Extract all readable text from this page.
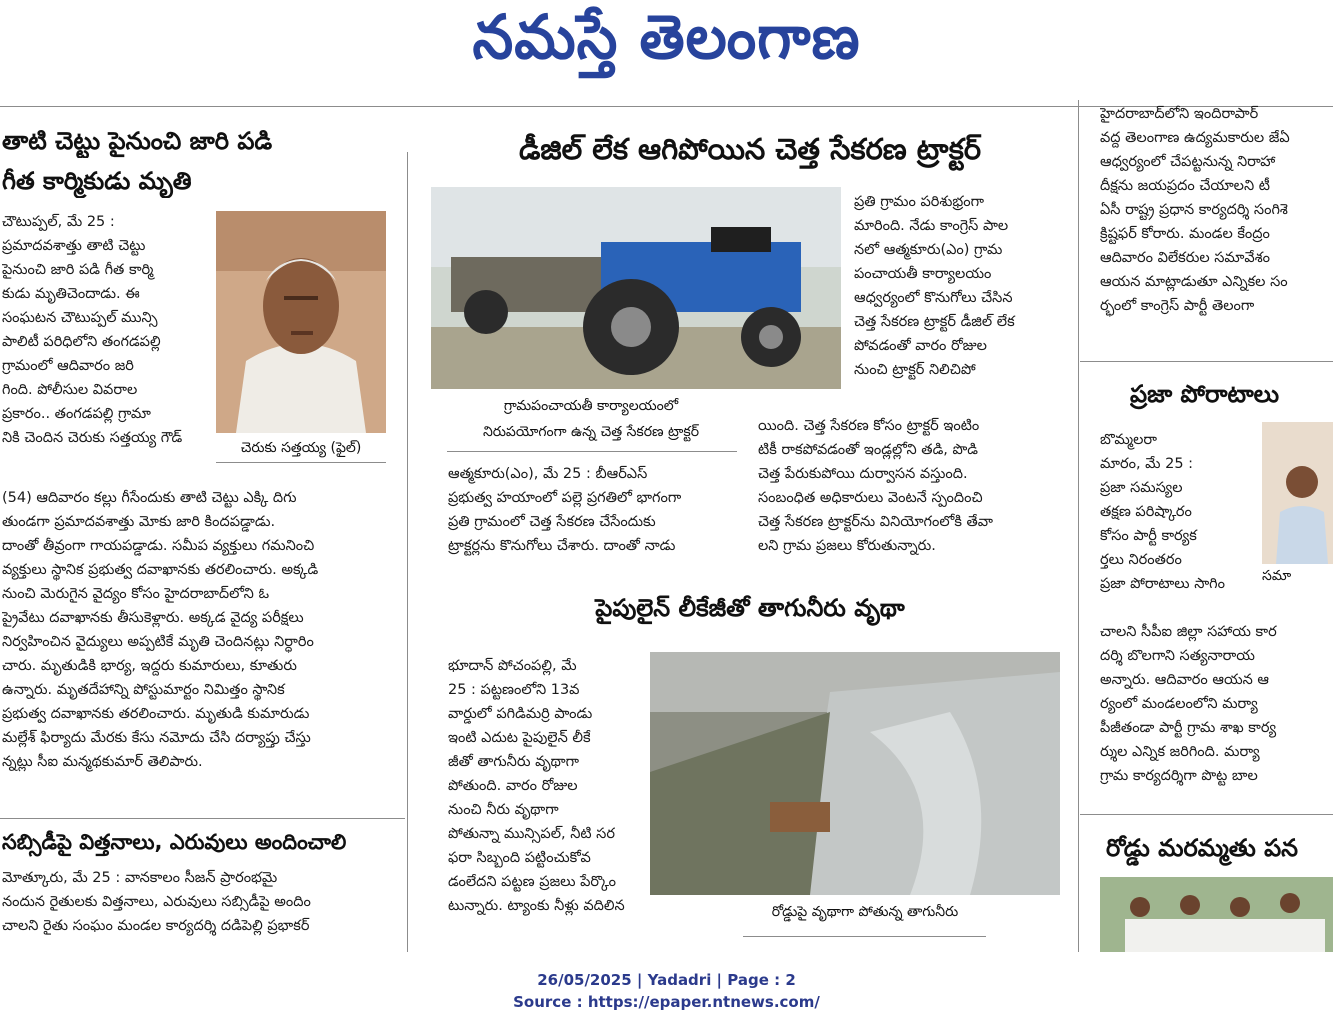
నమస్తే తెలంగాణ
తాటి చెట్టు పైనుంచి జారి పడి
గీత కార్మికుడు మృతి
చౌటుప్పల్, మే 25 :
ప్రమాదవశాత్తు తాటి చెట్టు
పైనుంచి జారి పడి గీత కార్మి
కుడు మృతిచెందాడు. ఈ
సంఘటన చౌటుప్పల్ మున్సి
పాలిటీ పరిధిలోని తంగడపల్లి
గ్రామంలో ఆదివారం జరి
గింది. పోలీసుల వివరాల
ప్రకారం.. తంగడపల్లి గ్రామా
నికి చెందిన చెరుకు సత్తయ్య గౌడ్
చెరుకు సత్తయ్య (ఫైల్)
(54) ఆదివారం కల్లు గీసేందుకు తాటి చెట్టు ఎక్కి దిగు
తుండగా ప్రమాదవశాత్తు మోకు జారి కిందపడ్డాడు.
దాంతో తీవ్రంగా గాయపడ్డాడు. సమీప వ్యక్తులు గమనించి
వ్యక్తులు స్థానిక ప్రభుత్వ దవాఖానకు తరలించారు. అక్కడి
నుంచి మెరుగైన వైద్యం కోసం హైదరాబాద్‌లోని ఓ
ప్రైవేటు దవాఖానకు తీసుకెళ్లారు. అక్కడ వైద్య పరీక్షలు
నిర్వహించిన వైద్యులు అప్పటికే మృతి చెందినట్లు నిర్ధారిం
చారు. మృతుడికి భార్య, ఇద్దరు కుమారులు, కూతురు
ఉన్నారు. మృతదేహాన్ని పోస్టుమార్టం నిమిత్తం స్థానిక
ప్రభుత్వ దవాఖానకు తరలించారు. మృతుడి కుమారుడు
మల్లేశ్ ఫిర్యాదు మేరకు కేసు నమోదు చేసి దర్యాప్తు చేస్తు
న్నట్లు సీఐ మన్మథకుమార్ తెలిపారు.
సబ్సిడీపై విత్తనాలు, ఎరువులు అందించాలి
మోత్కూరు, మే 25 : వానకాలం సీజన్ ప్రారంభమై
నందున రైతులకు విత్తనాలు, ఎరువులు సబ్సిడీపై అందిం
చాలని రైతు సంఘం మండల కార్యదర్శి దడిపెల్లి ప్రభాకర్
డీజిల్ లేక ఆగిపోయిన చెత్త సేకరణ ట్రాక్టర్
గ్రామపంచాయతీ కార్యాలయంలో
నిరుపయోగంగా ఉన్న చెత్త సేకరణ ట్రాక్టర్
ప్రతి గ్రామం పరిశుభ్రంగా
మారింది. నేడు కాంగ్రెస్ పాల
నలో ఆత్మకూరు(ఎం) గ్రామ
పంచాయతీ కార్యాలయం
ఆధ్వర్యంలో కొనుగోలు చేసిన
చెత్త సేకరణ ట్రాక్టర్ డీజిల్ లేక
పోవడంతో వారం రోజుల
నుంచి ట్రాక్టర్ నిలిచిపో
ఆత్మకూరు(ఎం), మే 25 : బీఆర్‌ఎస్
ప్రభుత్వ హయాంలో పల్లె ప్రగతిలో భాగంగా
ప్రతి గ్రామంలో చెత్త సేకరణ చేసేందుకు
ట్రాక్టర్లను కొనుగోలు చేశారు. దాంతో నాడు
యింది. చెత్త సేకరణ కోసం ట్రాక్టర్ ఇంటిం
టికీ రాకపోవడంతో ఇండ్లల్లోని తడి, పొడి
చెత్త పేరుకుపోయి దుర్వాసన వస్తుంది.
సంబంధిత అధికారులు వెంటనే స్పందించి
చెత్త సేకరణ ట్రాక్టర్‌ను వినియోగంలోకి తేవా
లని గ్రామ ప్రజలు కోరుతున్నారు.
పైపులైన్ లీకేజీతో తాగునీరు వృథా
భూదాన్ పోచంపల్లి, మే
25 : పట్టణంలోని 13వ
వార్డులో పగిడిమర్రి పాండు
ఇంటి ఎదుట పైపులైన్ లీకే
జీతో తాగునీరు వృథాగా
పోతుంది. వారం రోజుల
నుంచి నీరు వృథాగా
పోతున్నా మున్సిపల్, నీటి సర
ఫరా సిబ్బంది పట్టించుకోవ
డంలేదని పట్టణ ప్రజలు పేర్కొం
టున్నారు. ట్యాంకు నీళ్లు వదిలిన	రోడ్డుపై వృథాగా పోతున్న తాగునీరు
హైదరాబాద్‌లోని ఇందిరాపార్
వద్ద తెలంగాణ ఉద్యమకారుల జేఏ
ఆధ్వర్యంలో చేపట్టనున్న నిరాహా
దీక్షను జయప్రదం చేయాలని టీ
ఏసీ రాష్ట్ర ప్రధాన కార్యదర్శి సంగిశె
క్రిష్టఫర్ కోరారు. మండల కేంద్రం
ఆదివారం విలేకరుల సమావేశం
ఆయన మాట్లాడుతూ ఎన్నికల సం
ర్భంలో కాంగ్రెస్ పార్టీ తెలంగా
ప్రజా పోరాటాలు
బొమ్మలరా
మారం, మే 25 :
ప్రజా సమస్యల
తక్షణ పరిష్కారం
కోసం పార్టీ కార్యక
ర్తలు నిరంతరం
ప్రజా పోరాటాలు సాగిం	సమా
చాలని సీపీఐ జిల్లా సహాయ కార
దర్శి బొలగాని సత్యనారాయ
అన్నారు. ఆదివారం ఆయన ఆ
ర్యంలో మండలంలోని మర్యా
పీజీతండా పార్టీ గ్రామ శాఖ కార్య
ర్శుల ఎన్నిక జరిగింది. మర్యా
గ్రామ కార్యదర్శిగా పొట్ట బాల
రోడ్డు మరమ్మతు పన
26/05/2025 | Yadadri | Page : 2
Source : https://epaper.ntnews.com/
